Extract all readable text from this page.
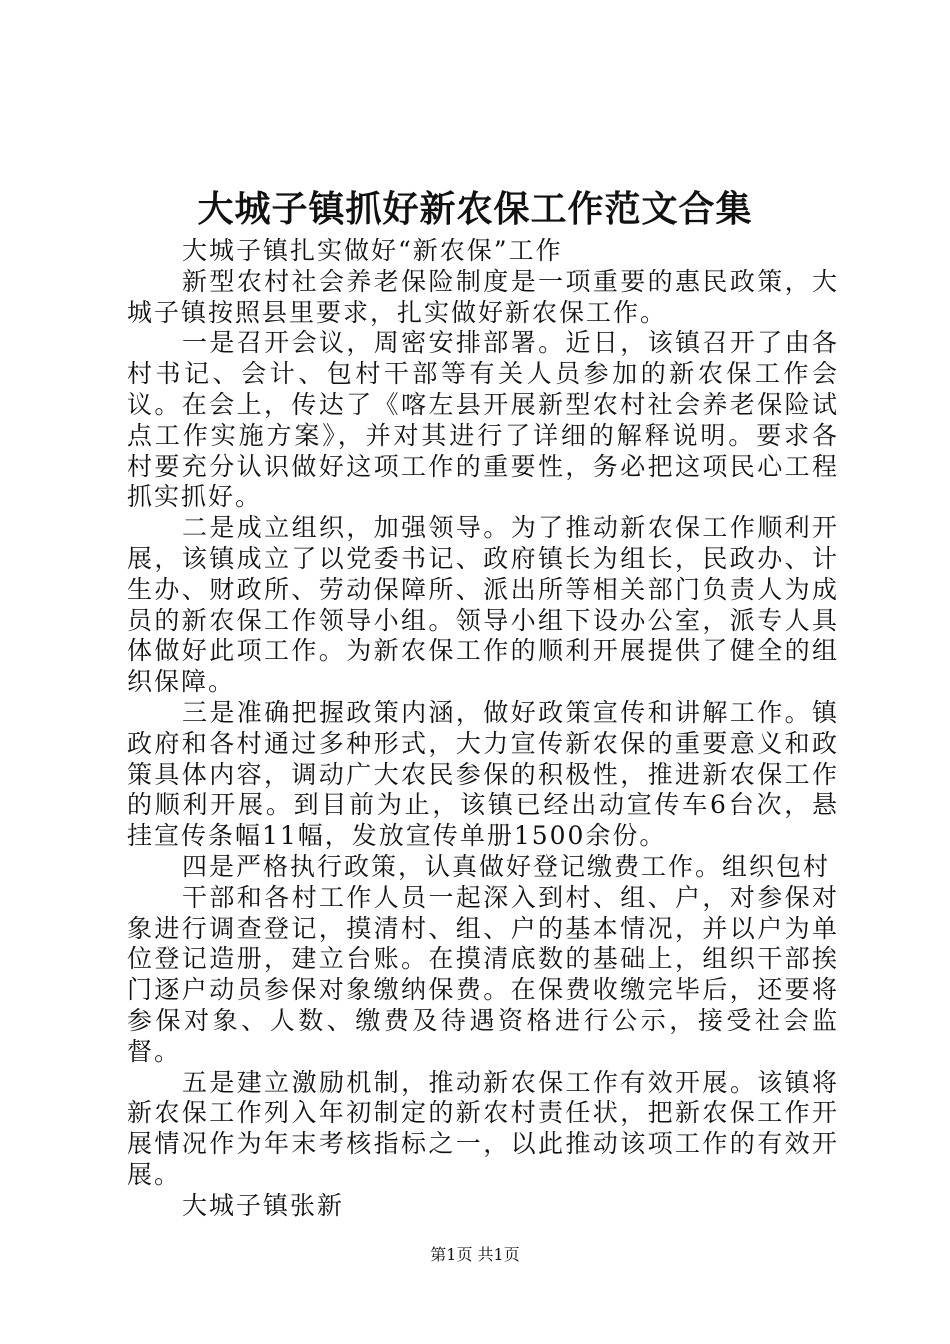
大城子镇抓好新农保工作范文合集

大城子镇扎实做好“新农保”工作

新型农村社会养老保险制度是一项重要的惠民政策，大城子镇按照县里要求，扎实做好新农保工作。

一是召开会议，周密安排部署。近日，该镇召开了由各村书记、会计、包村干部等有关人员参加的新农保工作会议。在会上，传达了《喀左县开展新型农村社会养老保险试点工作实施方案》，并对其进行了详细的解释说明。要求各村要充分认识做好这项工作的重要性，务必把这项民心工程抓实抓好。

二是成立组织，加强领导。为了推动新农保工作顺利开展，该镇成立了以党委书记、政府镇长为组长，民政办、计生办、财政所、劳动保障所、派出所等相关部门负责人为成员的新农保工作领导小组。领导小组下设办公室，派专人具体做好此项工作。为新农保工作的顺利开展提供了健全的组织保障。

三是准确把握政策内涵，做好政策宣传和讲解工作。镇政府和各村通过多种形式，大力宣传新农保的重要意义和政策具体内容，调动广大农民参保的积极性，推进新农保工作的顺利开展。到目前为止，该镇已经出动宣传车6台次，悬挂宣传条幅11幅，发放宣传单册1500余份。

四是严格执行政策，认真做好登记缴费工作。组织包村

干部和各村工作人员一起深入到村、组、户，对参保对象进行调查登记，摸清村、组、户的基本情况，并以户为单位登记造册，建立台账。在摸清底数的基础上，组织干部挨门逐户动员参保对象缴纳保费。在保费收缴完毕后，还要将参保对象、人数、缴费及待遇资格进行公示，接受社会监督。

五是建立激励机制，推动新农保工作有效开展。该镇将新农保工作列入年初制定的新农村责任状，把新农保工作开展情况作为年末考核指标之一，以此推动该项工作的有效开展。

大城子镇张新

第1页 共1页
